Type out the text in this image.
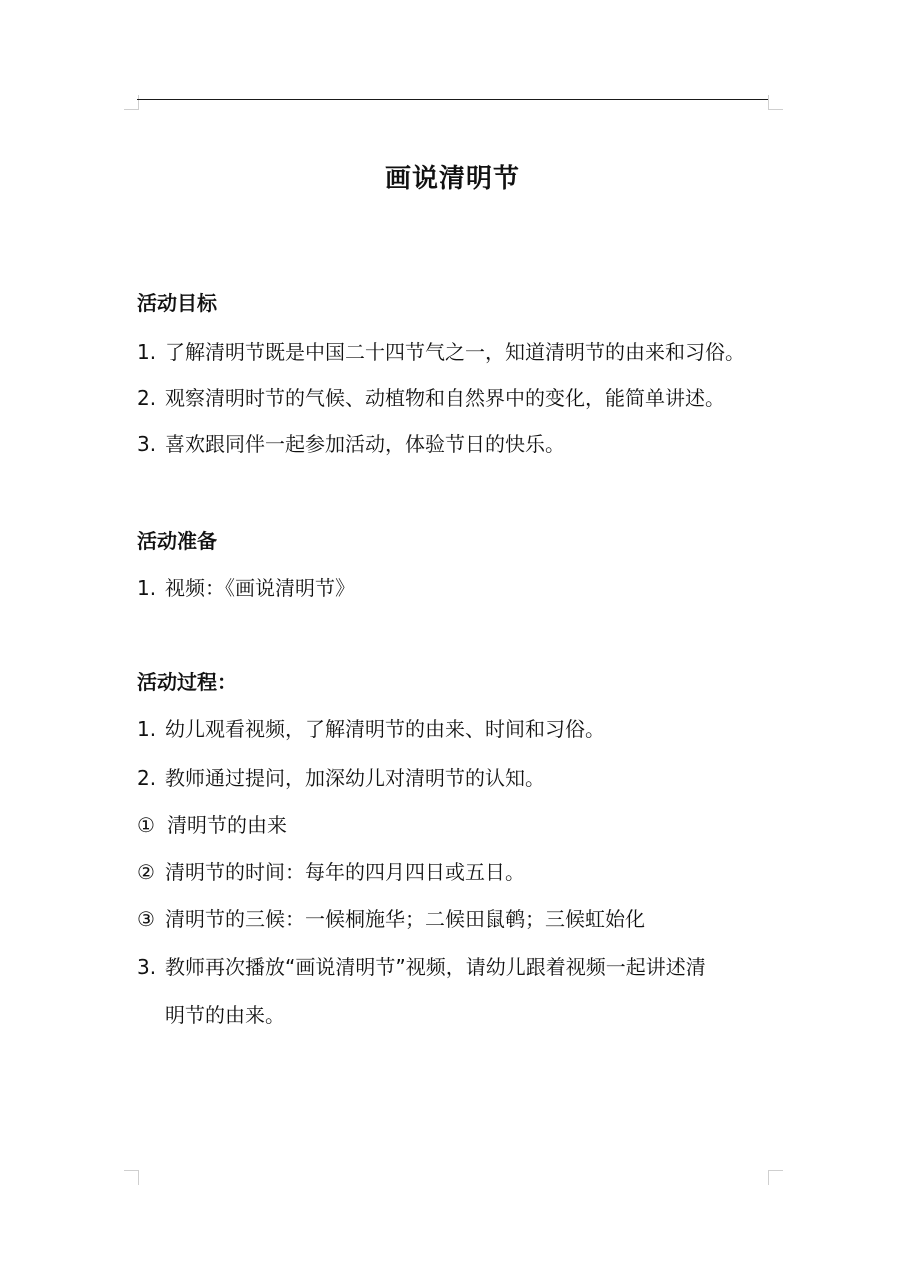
画说清明节
活动目标
1. 了解清明节既是中国二十四节气之一，知道清明节的由来和习俗。
2. 观察清明时节的气候、动植物和自然界中的变化，能简单讲述。
3. 喜欢跟同伴一起参加活动，体验节日的快乐。
活动准备
1. 视频：《画说清明节》
活动过程：
1. 幼儿观看视频，了解清明节的由来、时间和习俗。
2. 教师通过提问，加深幼儿对清明节的认知。
① 清明节的由来
② 清明节的时间：每年的四月四日或五日。
③ 清明节的三候：一候桐施华；二候田鼠鹌；三候虹始化
3. 教师再次播放“画说清明节”视频，请幼儿跟着视频一起讲述清
明节的由来。
